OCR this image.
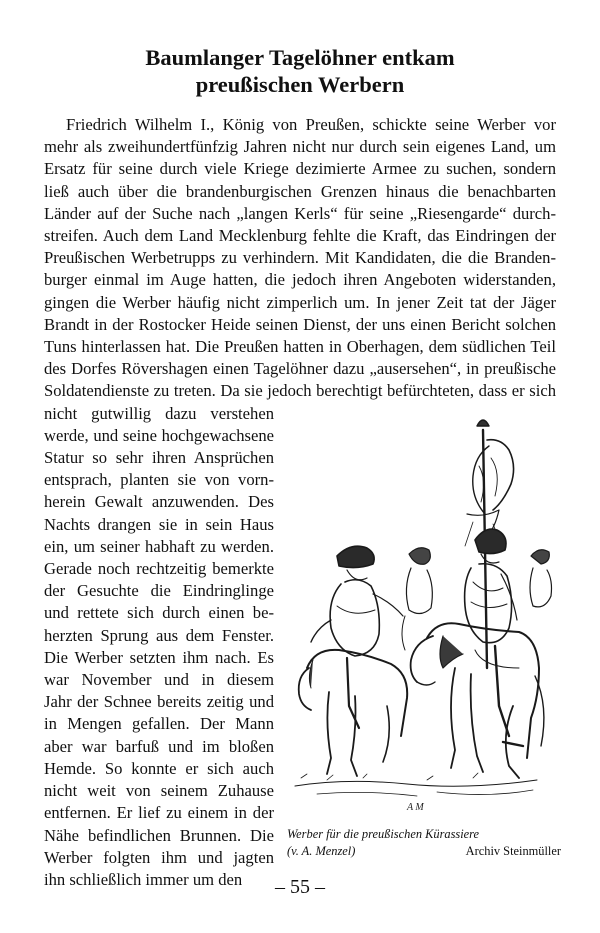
Baumlanger Tagelöhner entkam
preußischen Werbern
Friedrich Wilhelm I., König von Preußen, schickte seine Werber vor
mehr als zweihundertfünfzig Jahren nicht nur durch sein eigenes Land, um
Ersatz für seine durch viele Kriege dezimierte Armee zu suchen, sondern
ließ auch über die brandenburgischen Grenzen hinaus die benachbarten
Länder auf der Suche nach „langen Kerls“ für seine „Riesengarde“ durch-
streifen. Auch dem Land Mecklenburg fehlte die Kraft, das Eindringen der
Preußischen Werbetrupps zu verhindern. Mit Kandidaten, die die Branden-
burger einmal im Auge hatten, die jedoch ihren Angeboten widerstanden,
gingen die Werber häufig nicht zimperlich um. In jener Zeit tat der Jäger
Brandt in der Rostocker Heide seinen Dienst, der uns einen Bericht solchen
Tuns hinterlassen hat. Die Preußen hatten in Oberhagen, dem südlichen Teil
des Dorfes Rövershagen einen Tagelöhner dazu „ausersehen“, in preußische
Soldatendienste zu treten. Da sie jedoch berechtigt befürchteten, dass er sich
nicht gutwillig dazu verstehen
werde, und seine hochgewachsene
Statur so sehr ihren Ansprüchen
entsprach, planten sie von vorn-
herein Gewalt anzuwenden. Des
Nachts drangen sie in sein Haus
ein, um seiner habhaft zu werden.
Gerade noch rechtzeitig bemerkte
der Gesuchte die Eindringlinge
und rettete sich durch einen be-
herzten Sprung aus dem Fenster.
Die Werber setzten ihm nach. Es
war November und in diesem
Jahr der Schnee bereits zeitig und
in Mengen gefallen. Der Mann
aber war barfuß und im bloßen
Hemde. So konnte er sich auch
nicht weit von seinem Zuhause
entfernen. Er lief zu einem in der
Nähe befindlichen Brunnen. Die
Werber folgten ihm und jagten
ihn schließlich immer um den
A M
Werber für die preußischen Kürassiere
(v. A. Menzel)	Archiv Steinmüller
– 55 –
